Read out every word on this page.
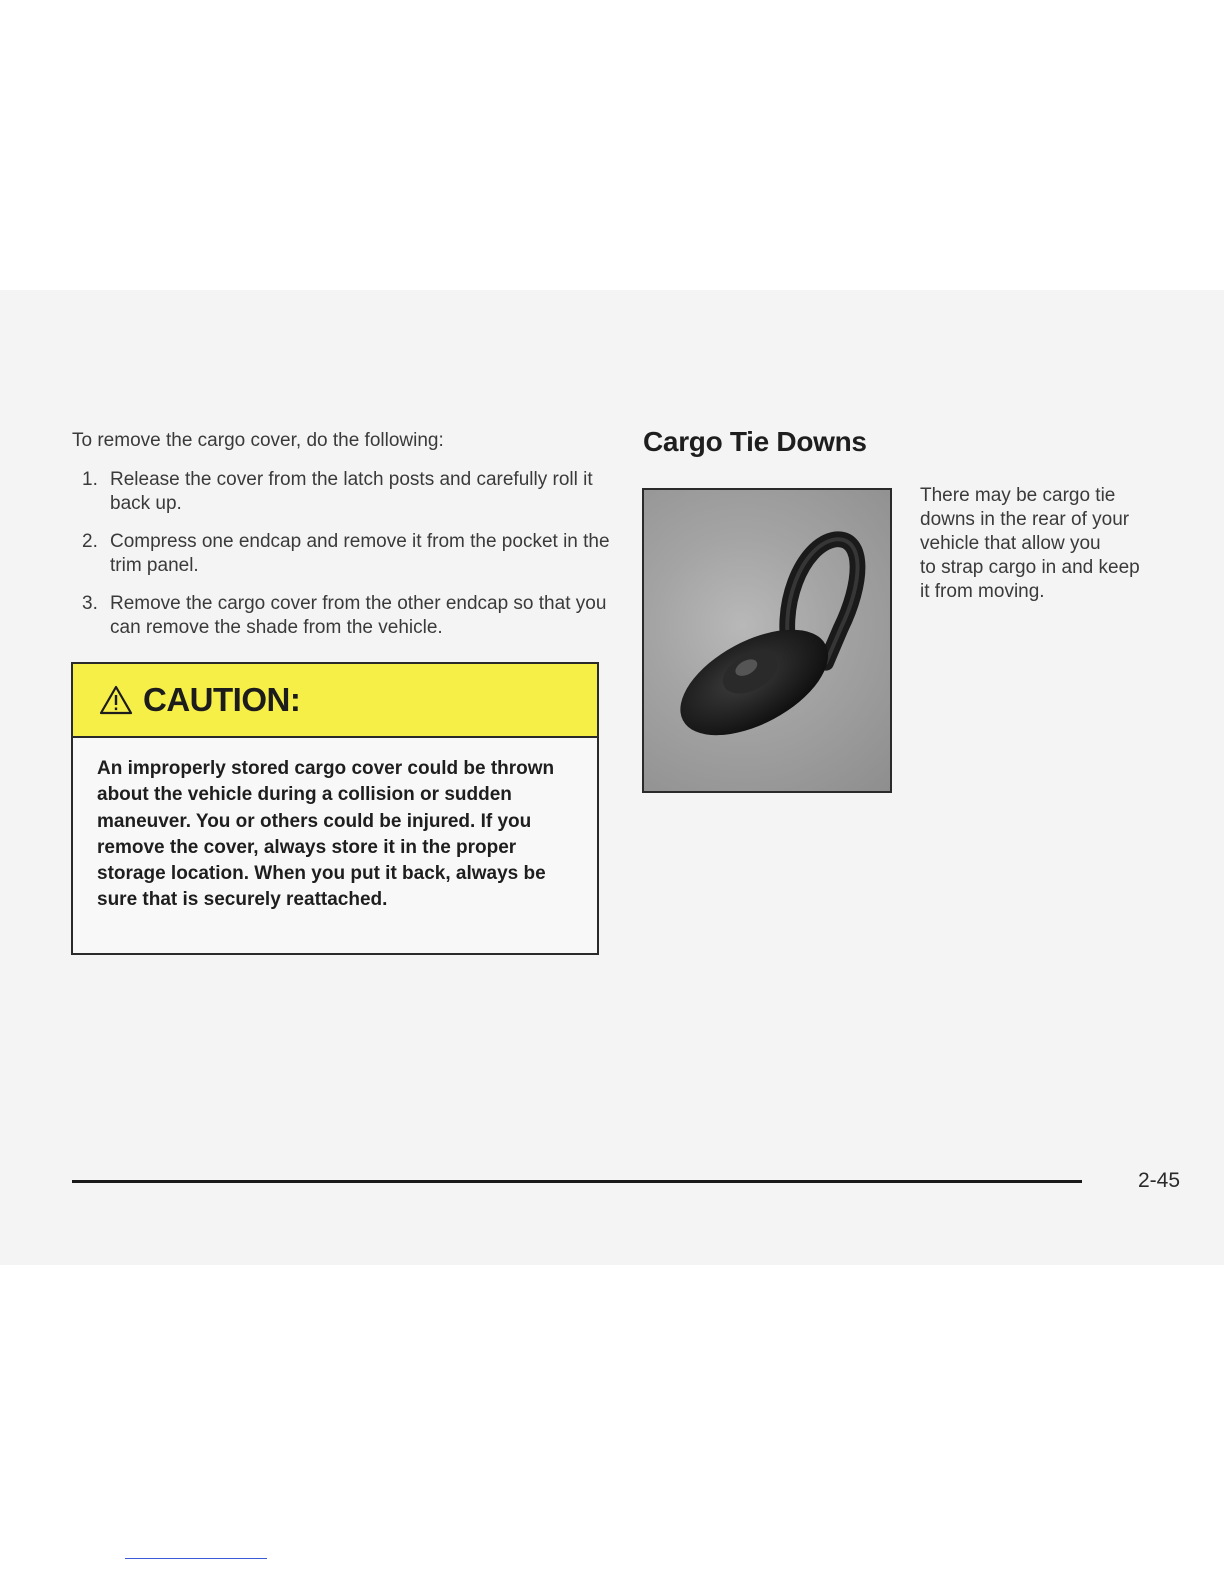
To remove the cargo cover, do the following:

1. Release the cover from the latch posts and carefully roll it back up.
2. Compress one endcap and remove it from the pocket in the trim panel.
3. Remove the cargo cover from the other endcap so that you can remove the shade from the vehicle.
CAUTION:
An improperly stored cargo cover could be thrown about the vehicle during a collision or sudden maneuver. You or others could be injured. If you remove the cover, always store it in the proper storage location. When you put it back, always be sure that is securely reattached.
Cargo Tie Downs

There may be cargo tie
downs in the rear of your
vehicle that allow you
to strap cargo in and keep
it from moving.

2-45
